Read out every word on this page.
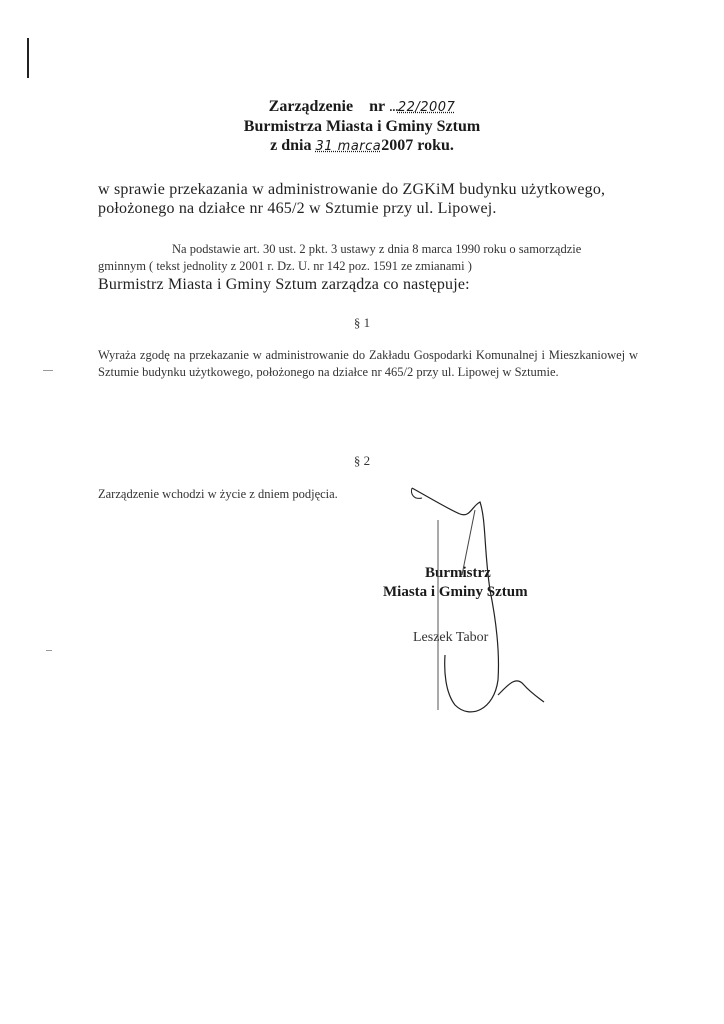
Zarządzenie nr ...22/2007
Burmistrza Miasta i Gminy Sztum
z dnia 31 marca2007 roku.
w sprawie przekazania w administrowanie do ZGKiM budynku użytkowego,
położonego na działce nr 465/2 w Sztumie przy ul. Lipowej.
Na podstawie art. 30 ust. 2 pkt. 3 ustawy z dnia 8 marca 1990 roku o samorządzie
gminnym ( tekst jednolity z 2001 r. Dz. U. nr 142 poz. 1591 ze zmianami )
Burmistrz Miasta i Gminy Sztum zarządza co następuje:
§ 1
Wyraża zgodę na przekazanie w administrowanie do Zakładu Gospodarki Komunalnej i Mieszkaniowej w Sztumie budynku użytkowego, położonego na działce nr 465/2 przy ul. Lipowej w Sztumie.
§ 2
Zarządzenie wchodzi w życie z dniem podjęcia.
Burmistrz
Miasta i Gminy Sztum
Leszek Tabor
